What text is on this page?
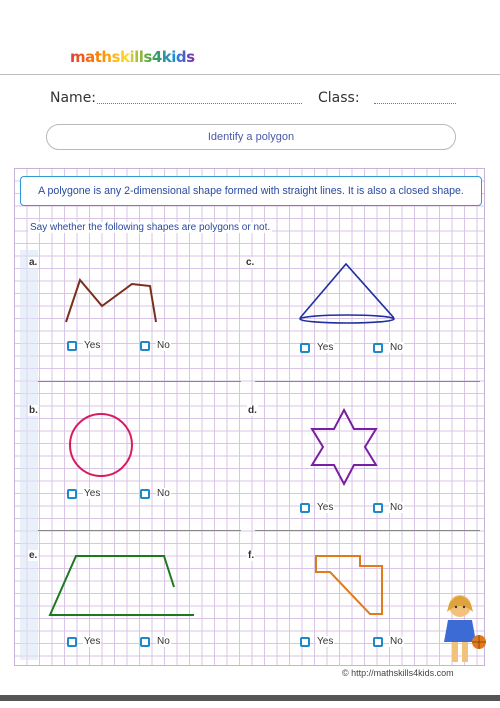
mathskills4kids
Name:	Class:
Identify a polygon
A polygone is any 2-dimensional shape formed with straight lines. It is also a closed shape.
Say whether the following shapes are polygons or not.
a.
Yes	No
c.
Yes	No
b.
Yes	No
d.
Yes	No
e.
Yes	No
f.
Yes	No
© http://mathskills4kids.com
